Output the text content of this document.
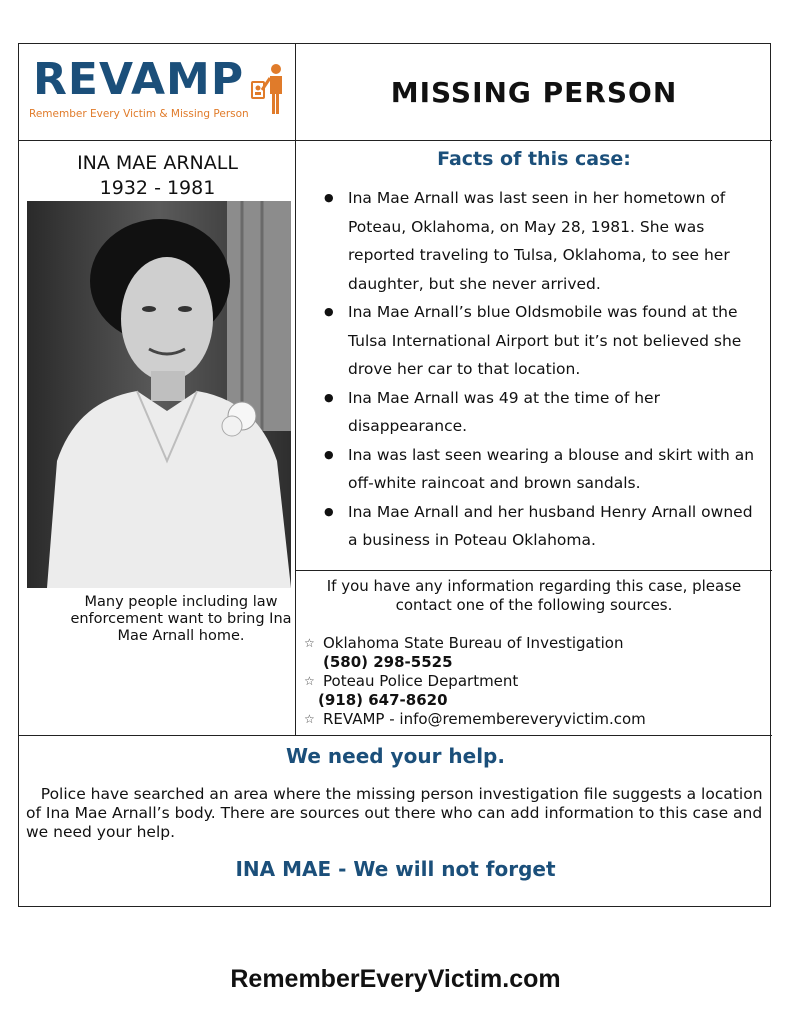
REVAMP
Remember Every Victim & Missing Person
MISSING PERSON
INA MAE ARNALL
1932 - 1981
Many people including law enforcement want to bring Ina Mae Arnall home.
Facts of this case:
● Ina Mae Arnall was last seen in her hometown of Poteau, Oklahoma, on May 28, 1981. She was reported traveling to Tulsa, Oklahoma, to see her daughter, but she never arrived.
● Ina Mae Arnall’s blue Oldsmobile was found at the Tulsa International Airport but it’s not believed she drove her car to that location.
● Ina Mae Arnall was 49 at the time of her disappearance.
● Ina was last seen wearing a blouse and skirt with an off-white raincoat and brown sandals.
● Ina Mae Arnall and her husband Henry Arnall owned a business in Poteau Oklahoma.
If you have any information regarding this case, please contact one of the following sources.
☆ Oklahoma State Bureau of Investigation
(580) 298-5525
☆ Poteau Police Department
(918) 647-8620
☆ REVAMP - info@remembereveryvictim.com
We need your help.
Police have searched an area where the missing person investigation file suggests a location of Ina Mae Arnall’s body. There are sources out there who can add information to this case and we need your help.
INA MAE - We will not forget
RememberEveryVictim.com
